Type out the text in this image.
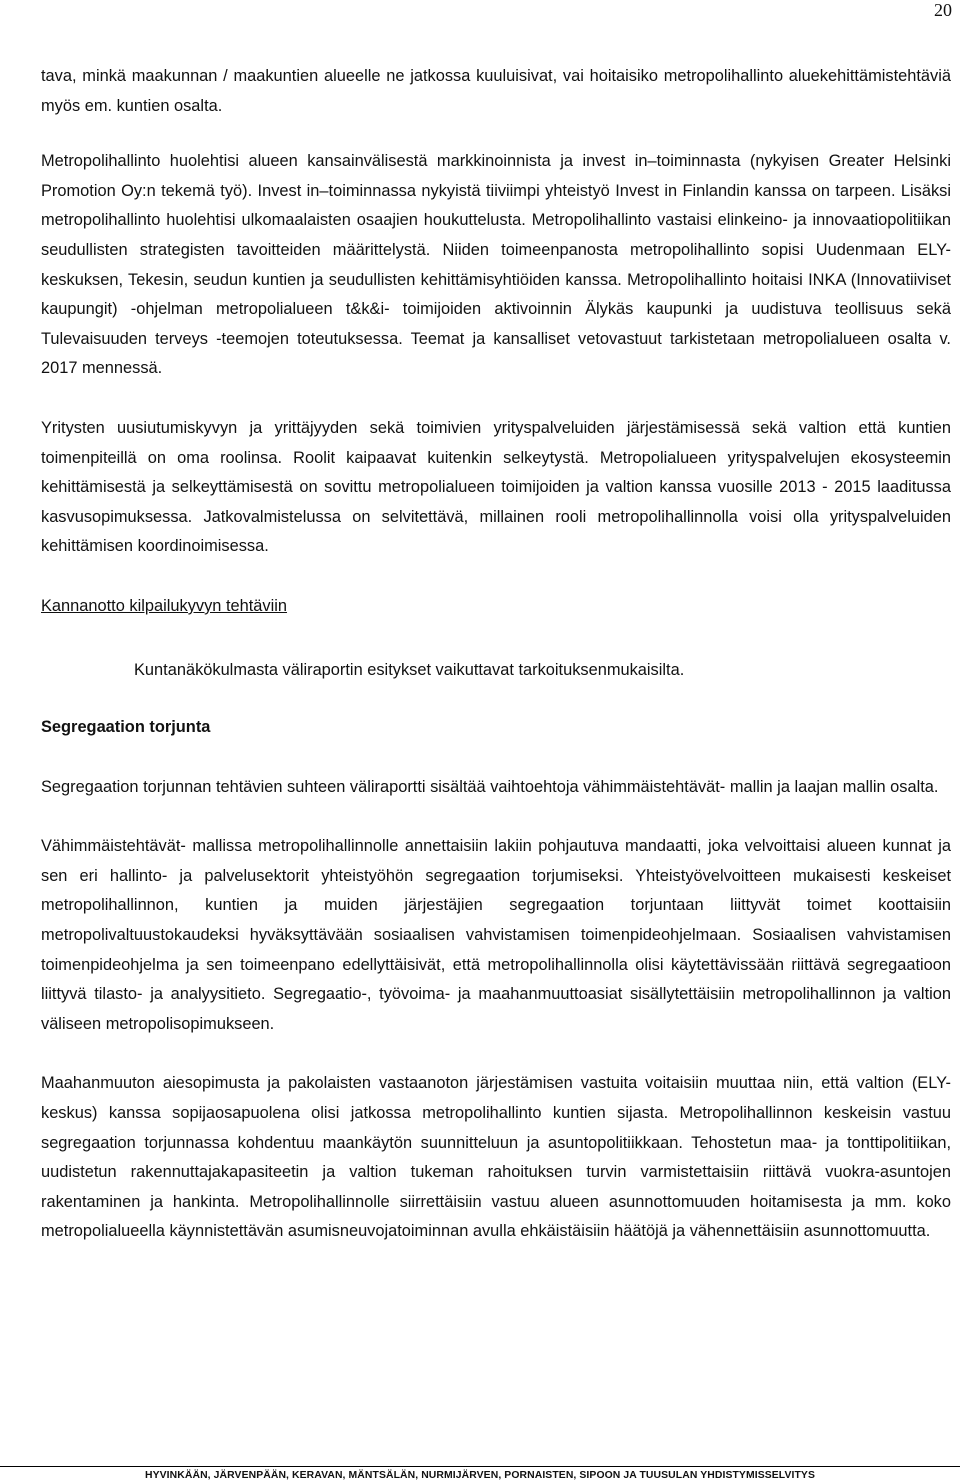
20

tava, minkä maakunnan / maakuntien alueelle ne jatkossa kuuluisivat, vai hoitaisiko metropolihallinto aluekehittämistehtäviä myös em. kuntien osalta.

Metropolihallinto huolehtisi alueen kansainvälisestä markkinoinnista ja invest in–toiminnasta (nykyisen Greater Helsinki Promotion Oy:n tekemä työ). Invest in–toiminnassa nykyistä tiiviimpi yhteistyö Invest in Finlandin kanssa on tarpeen. Lisäksi metropolihallinto huolehtisi ulkomaalaisten osaajien houkuttelusta. Metropolihallinto vastaisi elinkeino- ja innovaatiopolitiikan seudullisten strategisten tavoitteiden määrittelystä. Niiden toimeenpanosta metropolihallinto sopisi Uudenmaan ELY- keskuksen, Tekesin, seudun kuntien ja seudullisten kehittämisyhtiöiden kanssa. Metropolihallinto hoitaisi INKA (Innovatiiviset kaupungit) -ohjelman metropolialueen t&k&i- toimijoiden aktivoinnin Älykäs kaupunki ja uudistuva teollisuus sekä Tulevaisuuden terveys -teemojen toteutuksessa. Teemat ja kansalliset vetovastuut tarkistetaan metropolialueen osalta v. 2017 mennessä.

Yritysten uusiutumiskyvyn ja yrittäjyyden sekä toimivien yrityspalveluiden järjestämisessä sekä valtion että kuntien toimenpiteillä on oma roolinsa. Roolit kaipaavat kuitenkin selkeytystä. Metropolialueen yrityspalvelujen ekosysteemin kehittämisestä ja selkeyttämisestä on sovittu metropolialueen toimijoiden ja valtion kanssa vuosille 2013 - 2015 laaditussa kasvusopimuksessa. Jatkovalmistelussa on selvitettävä, millainen rooli metropolihallinnolla voisi olla yrityspalveluiden kehittämisen koordinoimisessa.

Kannanotto kilpailukyvyn tehtäviin

Kuntanäkökulmasta väliraportin esitykset vaikuttavat tarkoituksenmukaisilta.

Segregaation torjunta

Segregaation torjunnan tehtävien suhteen väliraportti sisältää vaihtoehtoja vähimmäistehtävät- mallin ja laajan mallin osalta.

Vähimmäistehtävät- mallissa metropolihallinnolle annettaisiin lakiin pohjautuva mandaatti, joka velvoittaisi alueen kunnat ja sen eri hallinto- ja palvelusektorit yhteistyöhön segregaation torjumiseksi. Yhteistyövelvoitteen mukaisesti keskeiset metropolihallinnon, kuntien ja muiden järjestäjien segregaation torjuntaan liittyvät toimet koottaisiin metropolivaltuustokaudeksi hyväksyttävään sosiaalisen vahvistamisen toimenpideohjelmaan. Sosiaalisen vahvistamisen toimenpideohjelma ja sen toimeenpano edellyttäisivät, että metropolihallinnolla olisi käytettävissään riittävä segregaatioon liittyvä tilasto- ja analyysitieto. Segregaatio-, työvoima- ja maahanmuuttoasiat sisällytettäisiin metropolihallinnon ja valtion väliseen metropolisopimukseen.

Maahanmuuton aiesopimusta ja pakolaisten vastaanoton järjestämisen vastuita voitaisiin muuttaa niin, että valtion (ELY-keskus) kanssa sopijaosapuolena olisi jatkossa metropolihallinto kuntien sijasta. Metropolihallinnon keskeisin vastuu segregaation torjunnassa kohdentuu maankäytön suunnitteluun ja asuntopolitiikkaan. Tehostetun maa- ja tonttipolitiikan, uudistetun rakennuttajakapasiteetin ja valtion tukeman rahoituksen turvin varmistettaisiin riittävä vuokra-asuntojen rakentaminen ja hankinta. Metropolihallinnolle siirrettäisiin vastuu alueen asunnottomuuden hoitamisesta ja mm. koko metropolialueella käynnistettävän asumisneuvojatoiminnan avulla ehkäistäisiin häätöjä ja vähennettäisiin asunnottomuutta.

HYVINKÄÄN, JÄRVENPÄÄN, KERAVAN, MÄNTSÄLÄN, NURMIJÄRVEN, PORNAISTEN, SIPOON JA TUUSULAN YHDISTYMISSELVITYS
